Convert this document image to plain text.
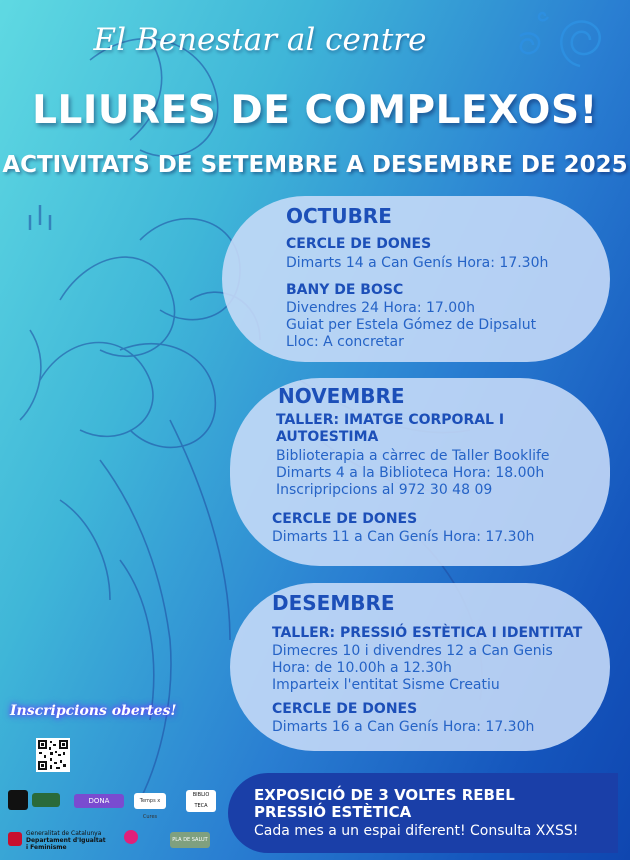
El Benestar al centre
LLIURES DE COMPLEXOS!
ACTIVITATS DE SETEMBRE A DESEMBRE DE 2025
OCTUBRE
CERCLE DE DONES
Dimarts 14 a Can Genís Hora: 17.30h
BANY DE BOSC
Divendres 24 Hora: 17.00h
Guiat per Estela Gómez de Dipsalut
Lloc: A concretar
NOVEMBRE
TALLER: IMATGE CORPORAL I AUTOESTIMA
Biblioterapia a càrrec de Taller Booklife
Dimarts 4 a la Biblioteca Hora: 18.00h
Inscripripcions al 972 30 48 09
CERCLE DE DONES
Dimarts 11 a Can Genís Hora: 17.30h
DESEMBRE
TALLER: PRESSIÓ ESTÈTICA I IDENTITAT
Dimecres 10 i divendres 12 a Can Genis
Hora: de 10.00h a 12.30h
Imparteix l'entitat Sisme Creatiu
CERCLE DE DONES
Dimarts 16 a Can Genís Hora: 17.30h
Inscripcions obertes!
DONA	Temps x Cures
BIBLIO TECA
Generalitat de Catalunya
Departament d'Igualtat
i Feminisme
PLA DE SALUT
EXPOSICIÓ DE 3 VOLTES REBEL
PRESSIÓ ESTÈTICA
Cada mes a un espai diferent! Consulta XXSS!
